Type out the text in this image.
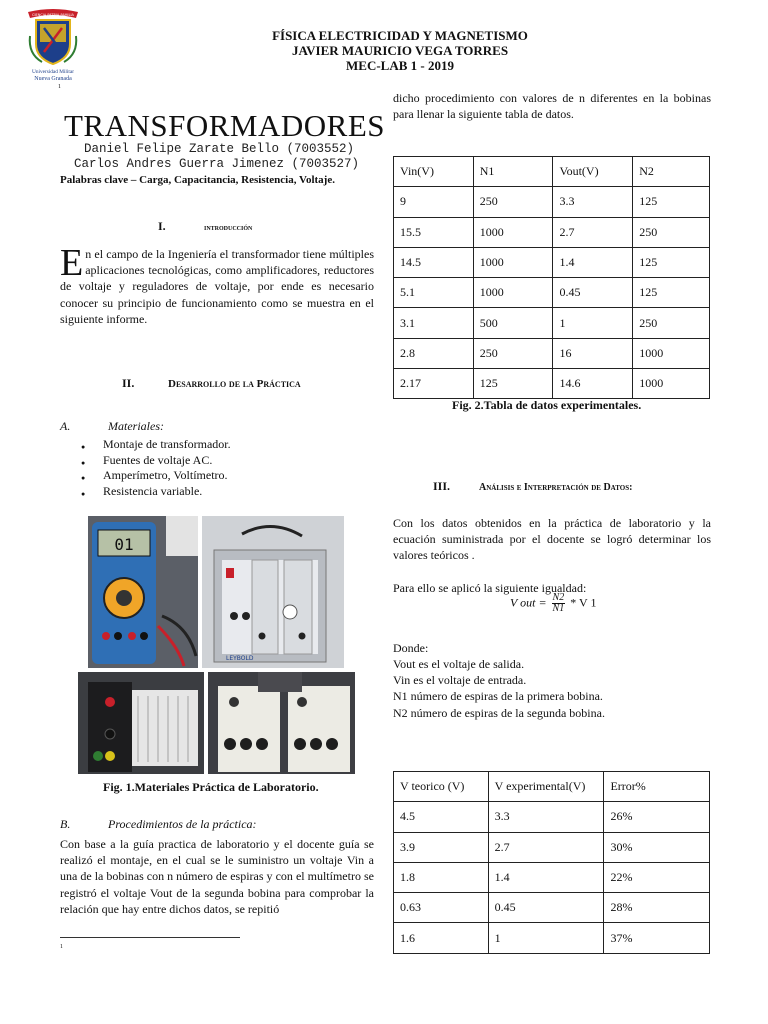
CIENCIA PATRIA FAMILIA
Universidad Militar
Nueva Granada
1
FÍSICA ELECTRICIDAD Y MAGNETISMO
JAVIER MAURICIO VEGA TORRES
MEC-LAB 1 - 2019
TRANSFORMADORES
Daniel Felipe Zarate Bello (7003552)
Carlos Andres Guerra Jimenez (7003527)
Palabras clave – Carga, Capacitancia, Resistencia, Voltaje.
I.	introducción
En el campo de la Ingeniería el transformador tiene múltiples aplicaciones tecnológicas, como amplificadores, reductores de voltaje y reguladores de voltaje, por ende es necesario conocer su principio de funcionamiento como se muestra en el siguiente informe.
II.	Desarrollo de la Práctica
A.	Materiales:
● Montaje de transformador.
● Fuentes de voltaje AC.
● Amperímetro, Voltímetro.
● Resistencia variable.
01
LEYBOLD
Fig. 1.Materiales Práctica de Laboratorio.
B.	Procedimientos de la práctica:
Con base a la guía practica de laboratorio y el docente guía se realizó el montaje, en el cual se le suministro un voltaje Vin a una de la bobinas con n número de espiras y con el multímetro se registró el voltaje Vout de la segunda bobina para comprobar la relación que hay entre dichos datos, se repitió
1
dicho procedimiento con valores de n diferentes en la bobinas para llenar la siguiente tabla de datos.
Vin(V)	N1	Vout(V)	N2
9	250	3.3	125
15.5	1000	2.7	250
14.5	1000	1.4	125
5.1	1000	0.45	125
3.1	500	1	250
2.8	250	16	1000
2.17	125	14.6	1000
Fig. 2.Tabla de datos experimentales.
III.	Análisis e Interpretación de Datos:
Con los datos obtenidos en la práctica de laboratorio y la ecuación suministrada por el docente se logró determinar los valores teóricos .
Para ello se aplicó la siguiente igualdad:
V out = $\frac{N2}{N1}$ * V 1
Donde:
Vout es el voltaje de salida.
Vin es el voltaje de entrada.
N1 número de espiras de la primera bobina.
N2 número de espiras de la segunda bobina.
V teorico (V)	V experimental(V)	Error%
4.5	3.3	26%
3.9	2.7	30%
1.8	1.4	22%
0.63	0.45	28%
1.6	1	37%
